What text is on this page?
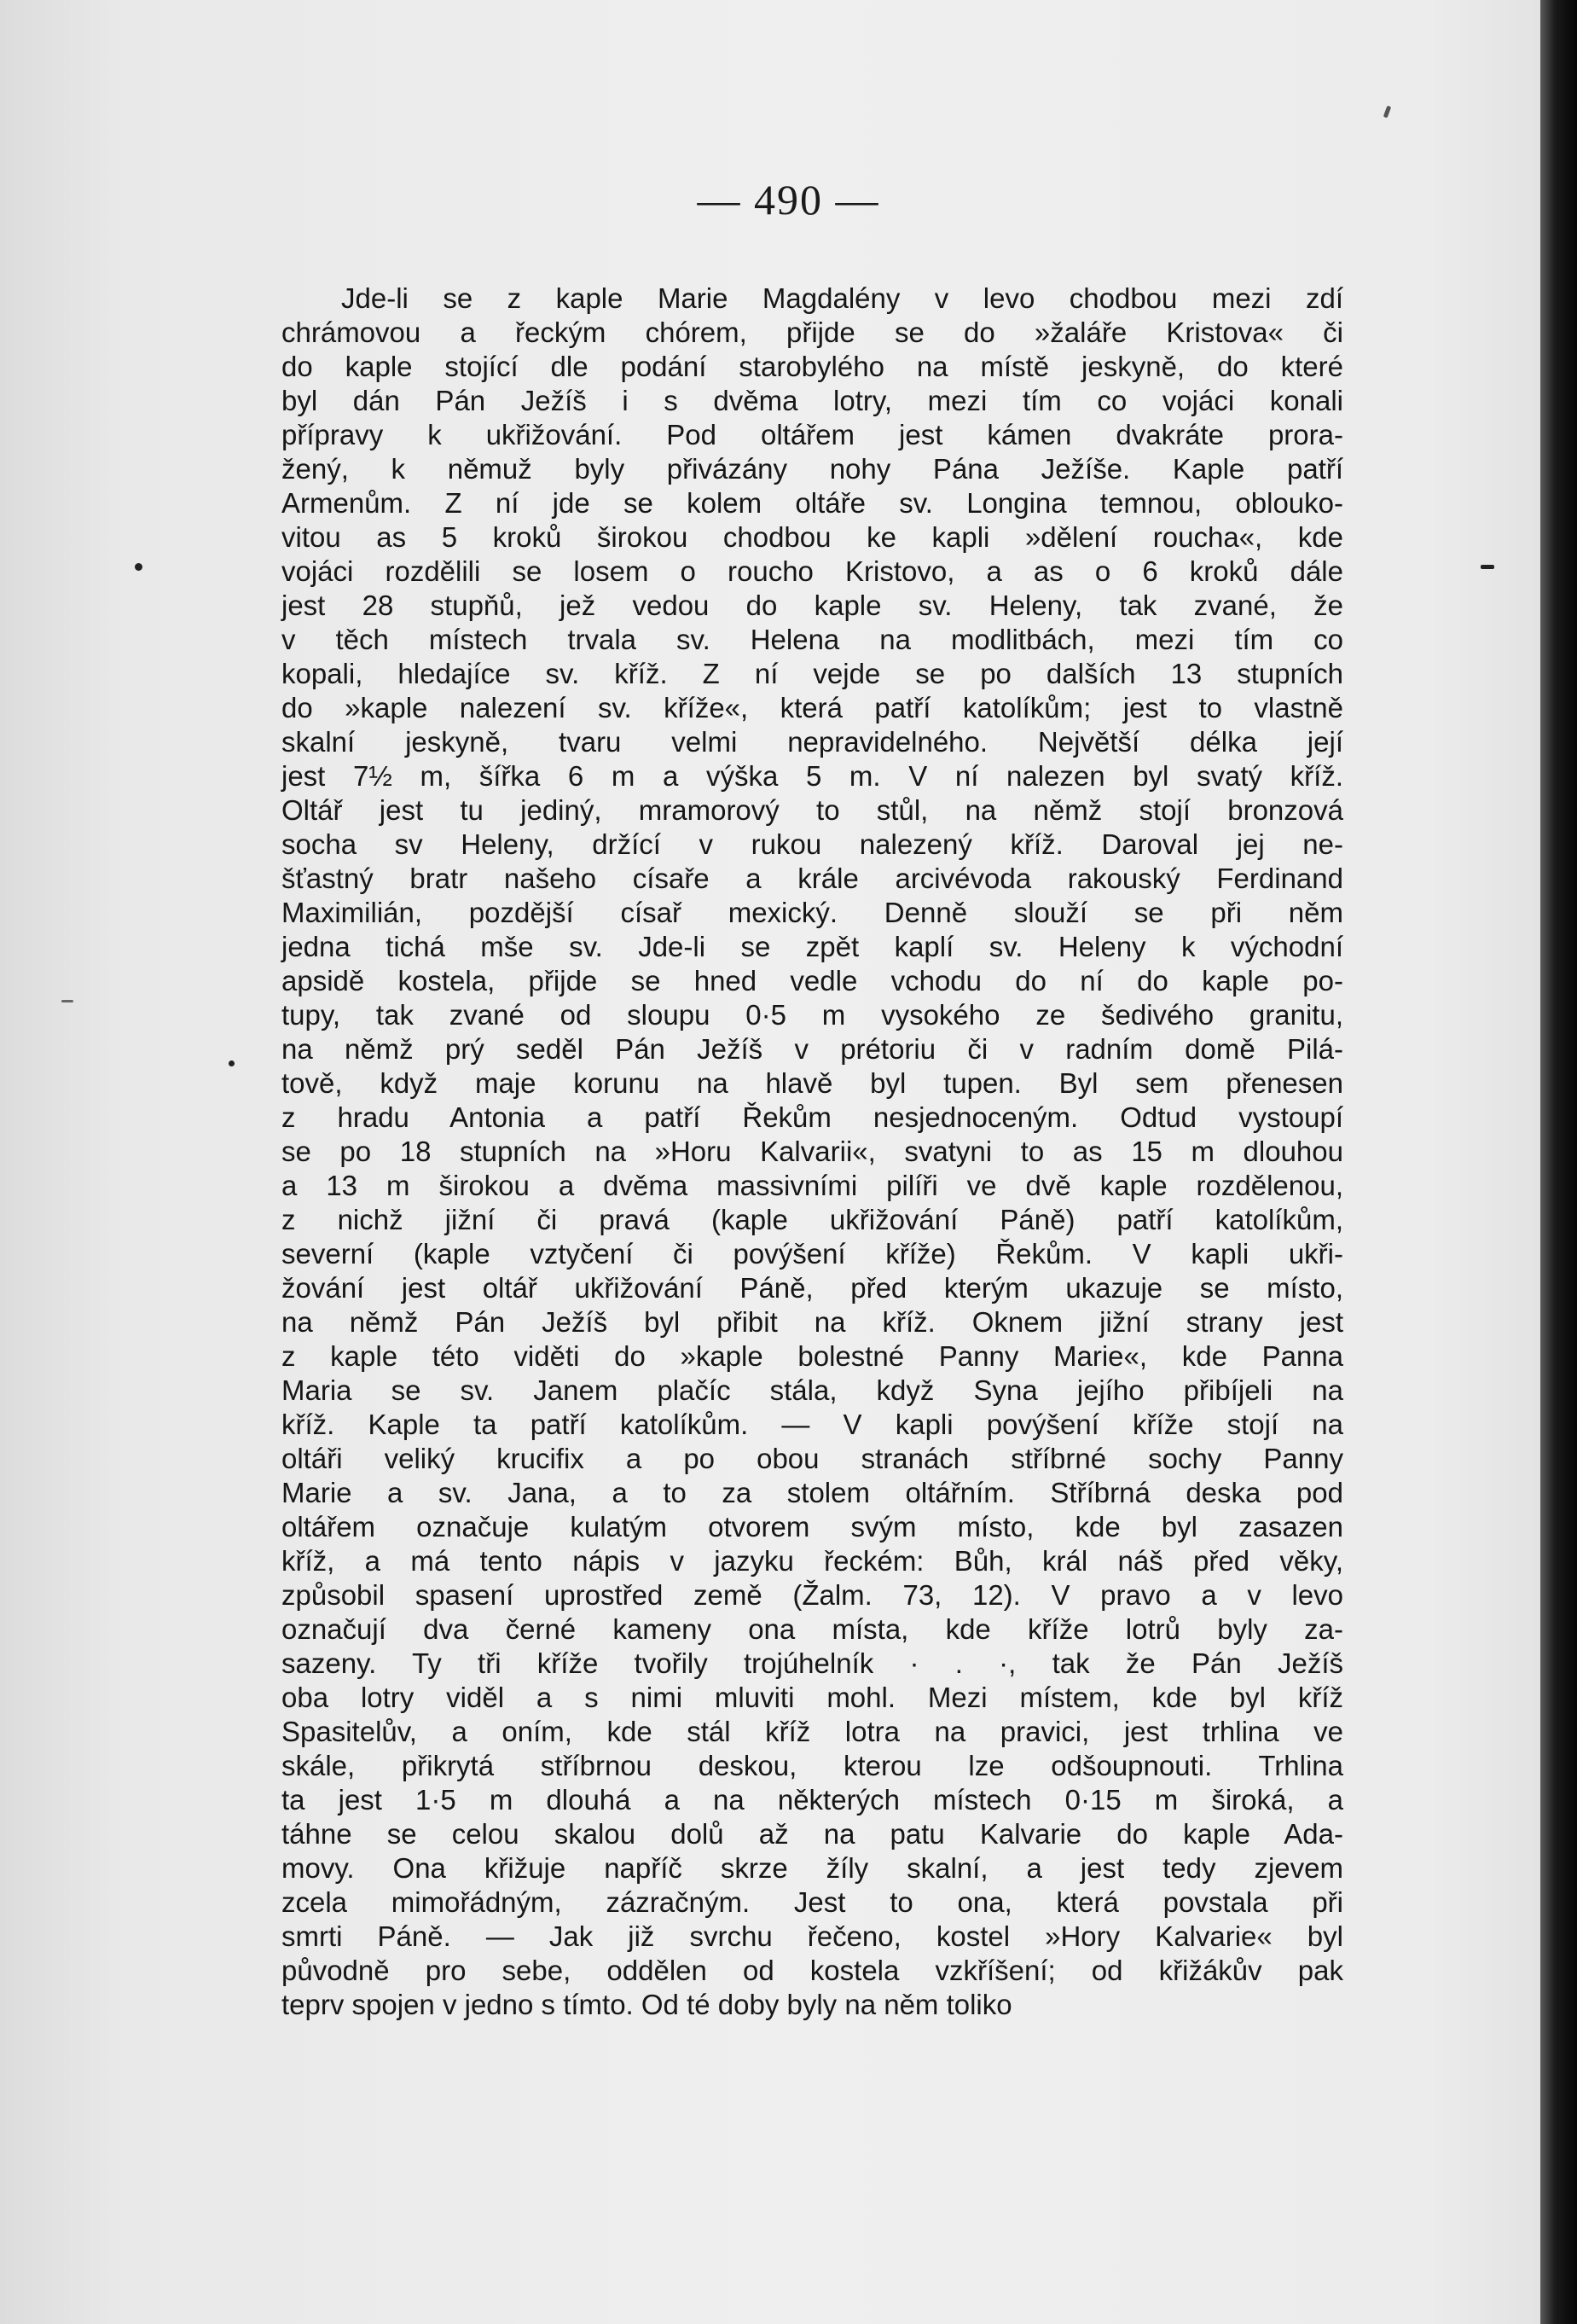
— 490 —
Jde-li se z kaple Marie Magdalény v levo chodbou mezi zdí
chrámovou a řeckým chórem, přijde se do »žaláře Kristova« či
do kaple stojící dle podání starobylého na místě jeskyně, do které
byl dán Pán Ježíš i s dvěma lotry, mezi tím co vojáci konali
přípravy k ukřižování. Pod oltářem jest kámen dvakráte prora-
žený, k němuž byly přivázány nohy Pána Ježíše. Kaple patří
Armenům. Z ní jde se kolem oltáře sv. Longina temnou, oblouko-
vitou as 5 kroků širokou chodbou ke kapli »dělení roucha«, kde
vojáci rozdělili se losem o roucho Kristovo, a as o 6 kroků dále
jest 28 stupňů, jež vedou do kaple sv. Heleny, tak zvané, že
v těch místech trvala sv. Helena na modlitbách, mezi tím co
kopali, hledajíce sv. kříž. Z ní vejde se po dalších 13 stupních
do »kaple nalezení sv. kříže«, která patří katolíkům; jest to vlastně
skalní jeskyně, tvaru velmi nepravidelného. Největší délka její
jest 7½ m, šířka 6 m a výška 5 m. V ní nalezen byl svatý kříž.
Oltář jest tu jediný, mramorový to stůl, na němž stojí bronzová
socha sv Heleny, držící v rukou nalezený kříž. Daroval jej ne-
šťastný bratr našeho císaře a krále arcivévoda rakouský Ferdinand
Maximilián, pozdější císař mexický. Denně slouží se při něm
jedna tichá mše sv. Jde-li se zpět kaplí sv. Heleny k východní
apsidě kostela, přijde se hned vedle vchodu do ní do kaple po-
tupy, tak zvané od sloupu 0·5 m vysokého ze šedivého granitu,
na němž prý seděl Pán Ježíš v prétoriu či v radním domě Pilá-
tově, když maje korunu na hlavě byl tupen. Byl sem přenesen
z hradu Antonia a patří Řekům nesjednoceným. Odtud vystoupí
se po 18 stupních na »Horu Kalvarii«, svatyni to as 15 m dlouhou
a 13 m širokou a dvěma massivními pilíři ve dvě kaple rozdělenou,
z nichž jižní či pravá (kaple ukřižování Páně) patří katolíkům,
severní (kaple vztyčení či povýšení kříže) Řekům. V kapli ukři-
žování jest oltář ukřižování Páně, před kterým ukazuje se místo,
na němž Pán Ježíš byl přibit na kříž. Oknem jižní strany jest
z kaple této viděti do »kaple bolestné Panny Marie«, kde Panna
Maria se sv. Janem plačíc stála, když Syna jejího přibíjeli na
kříž. Kaple ta patří katolíkům. — V kapli povýšení kříže stojí na
oltáři veliký krucifix a po obou stranách stříbrné sochy Panny
Marie a sv. Jana, a to za stolem oltářním. Stříbrná deska pod
oltářem označuje kulatým otvorem svým místo, kde byl zasazen
kříž, a má tento nápis v jazyku řeckém: Bůh, král náš před věky,
způsobil spasení uprostřed země (Žalm. 73, 12). V pravo a v levo
označují dva černé kameny ona místa, kde kříže lotrů byly za-
sazeny. Ty tři kříže tvořily trojúhelník · . ·, tak že Pán Ježíš
oba lotry viděl a s nimi mluviti mohl. Mezi místem, kde byl kříž
Spasitelův, a oním, kde stál kříž lotra na pravici, jest trhlina ve
skále, přikrytá stříbrnou deskou, kterou lze odšoupnouti. Trhlina
ta jest 1·5 m dlouhá a na některých místech 0·15 m široká, a
táhne se celou skalou dolů až na patu Kalvarie do kaple Ada-
movy. Ona křižuje napříč skrze žíly skalní, a jest tedy zjevem
zcela mimořádným, zázračným. Jest to ona, která povstala při
smrti Páně. — Jak již svrchu řečeno, kostel »Hory Kalvarie« byl
původně pro sebe, oddělen od kostela vzkříšení; od křižákův pak
teprv spojen v jedno s tímto. Od té doby byly na něm toliko
